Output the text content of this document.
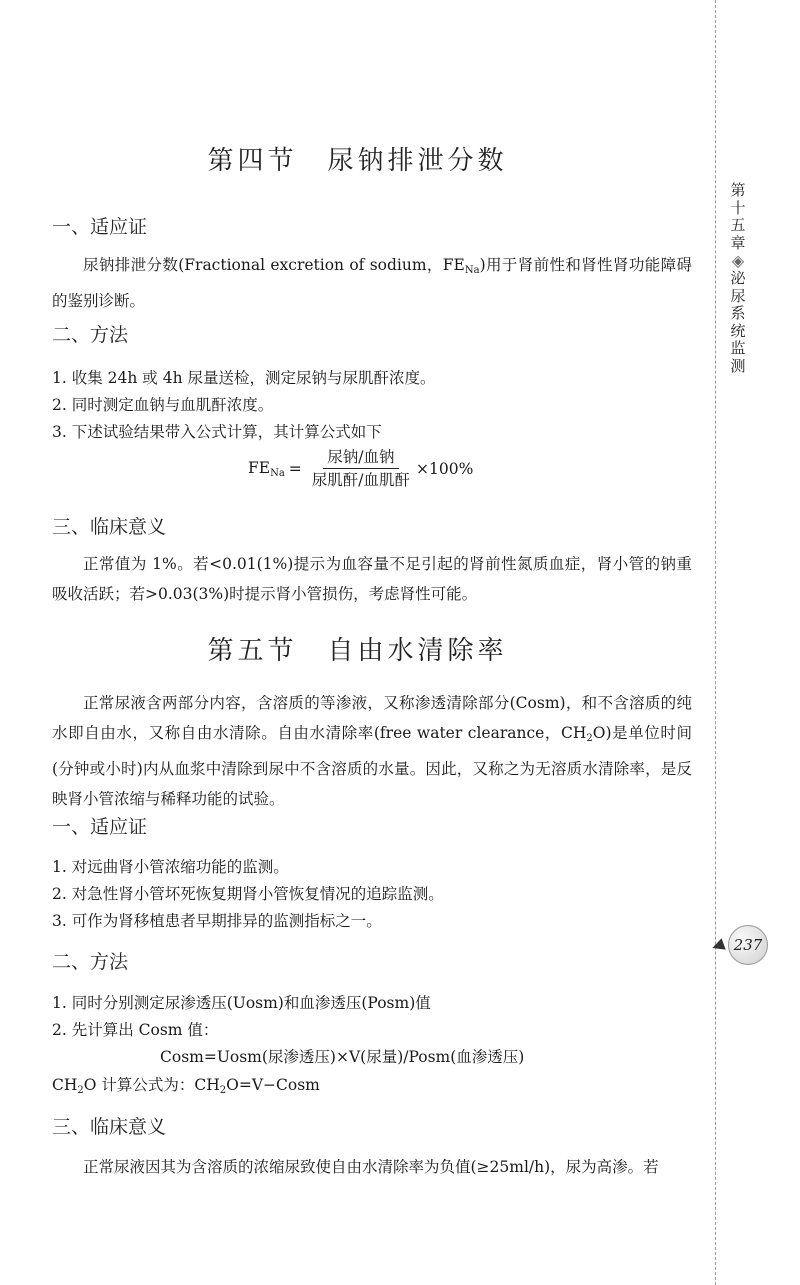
第四节　尿钠排泄分数
一、适应证
尿钠排泄分数(Fractional excretion of sodium，$FE_{Na}$)用于肾前性和肾性肾功能障碍的鉴别诊断。
二、方法
1. 收集 24h 或 4h 尿量送检，测定尿钠与尿肌酐浓度。
2. 同时测定血钠与血肌酐浓度。
3. 下述试验结果带入公式计算，其计算公式如下
$FE_{Na} = \frac{\text{尿钠/血钠}}{\text{尿肌酐/血肌酐}} \times 100\%$
三、临床意义
正常值为 1%。若<0.01(1%)提示为血容量不足引起的肾前性氮质血症，肾小管的钠重吸收活跃；若>0.03(3%)时提示肾小管损伤，考虑肾性可能。
第五节　自由水清除率
正常尿液含两部分内容，含溶质的等渗液，又称渗透清除部分(Cosm)，和不含溶质的纯水即自由水，又称自由水清除。自由水清除率(free water clearance，$CH_2O$)是单位时间(分钟或小时)内从血浆中清除到尿中不含溶质的水量。因此，又称之为无溶质水清除率，是反映肾小管浓缩与稀释功能的试验。
一、适应证
1. 对远曲肾小管浓缩功能的监测。
2. 对急性肾小管坏死恢复期肾小管恢复情况的追踪监测。
3. 可作为肾移植患者早期排异的监测指标之一。
二、方法
1. 同时分别测定尿渗透压(Uosm)和血渗透压(Posm)值
2. 先计算出 Cosm 值：
Cosm=Uosm(尿渗透压)×V(尿量)/Posm(血渗透压)
$CH_2O$ 计算公式为：$CH_2O=V-Cosm$
三、临床意义
正常尿液因其为含溶质的浓缩尿致使自由水清除率为负值(≥25ml/h)，尿为高渗。若
第
十
五
章
◈
泌
尿
系
统
监
测
237
